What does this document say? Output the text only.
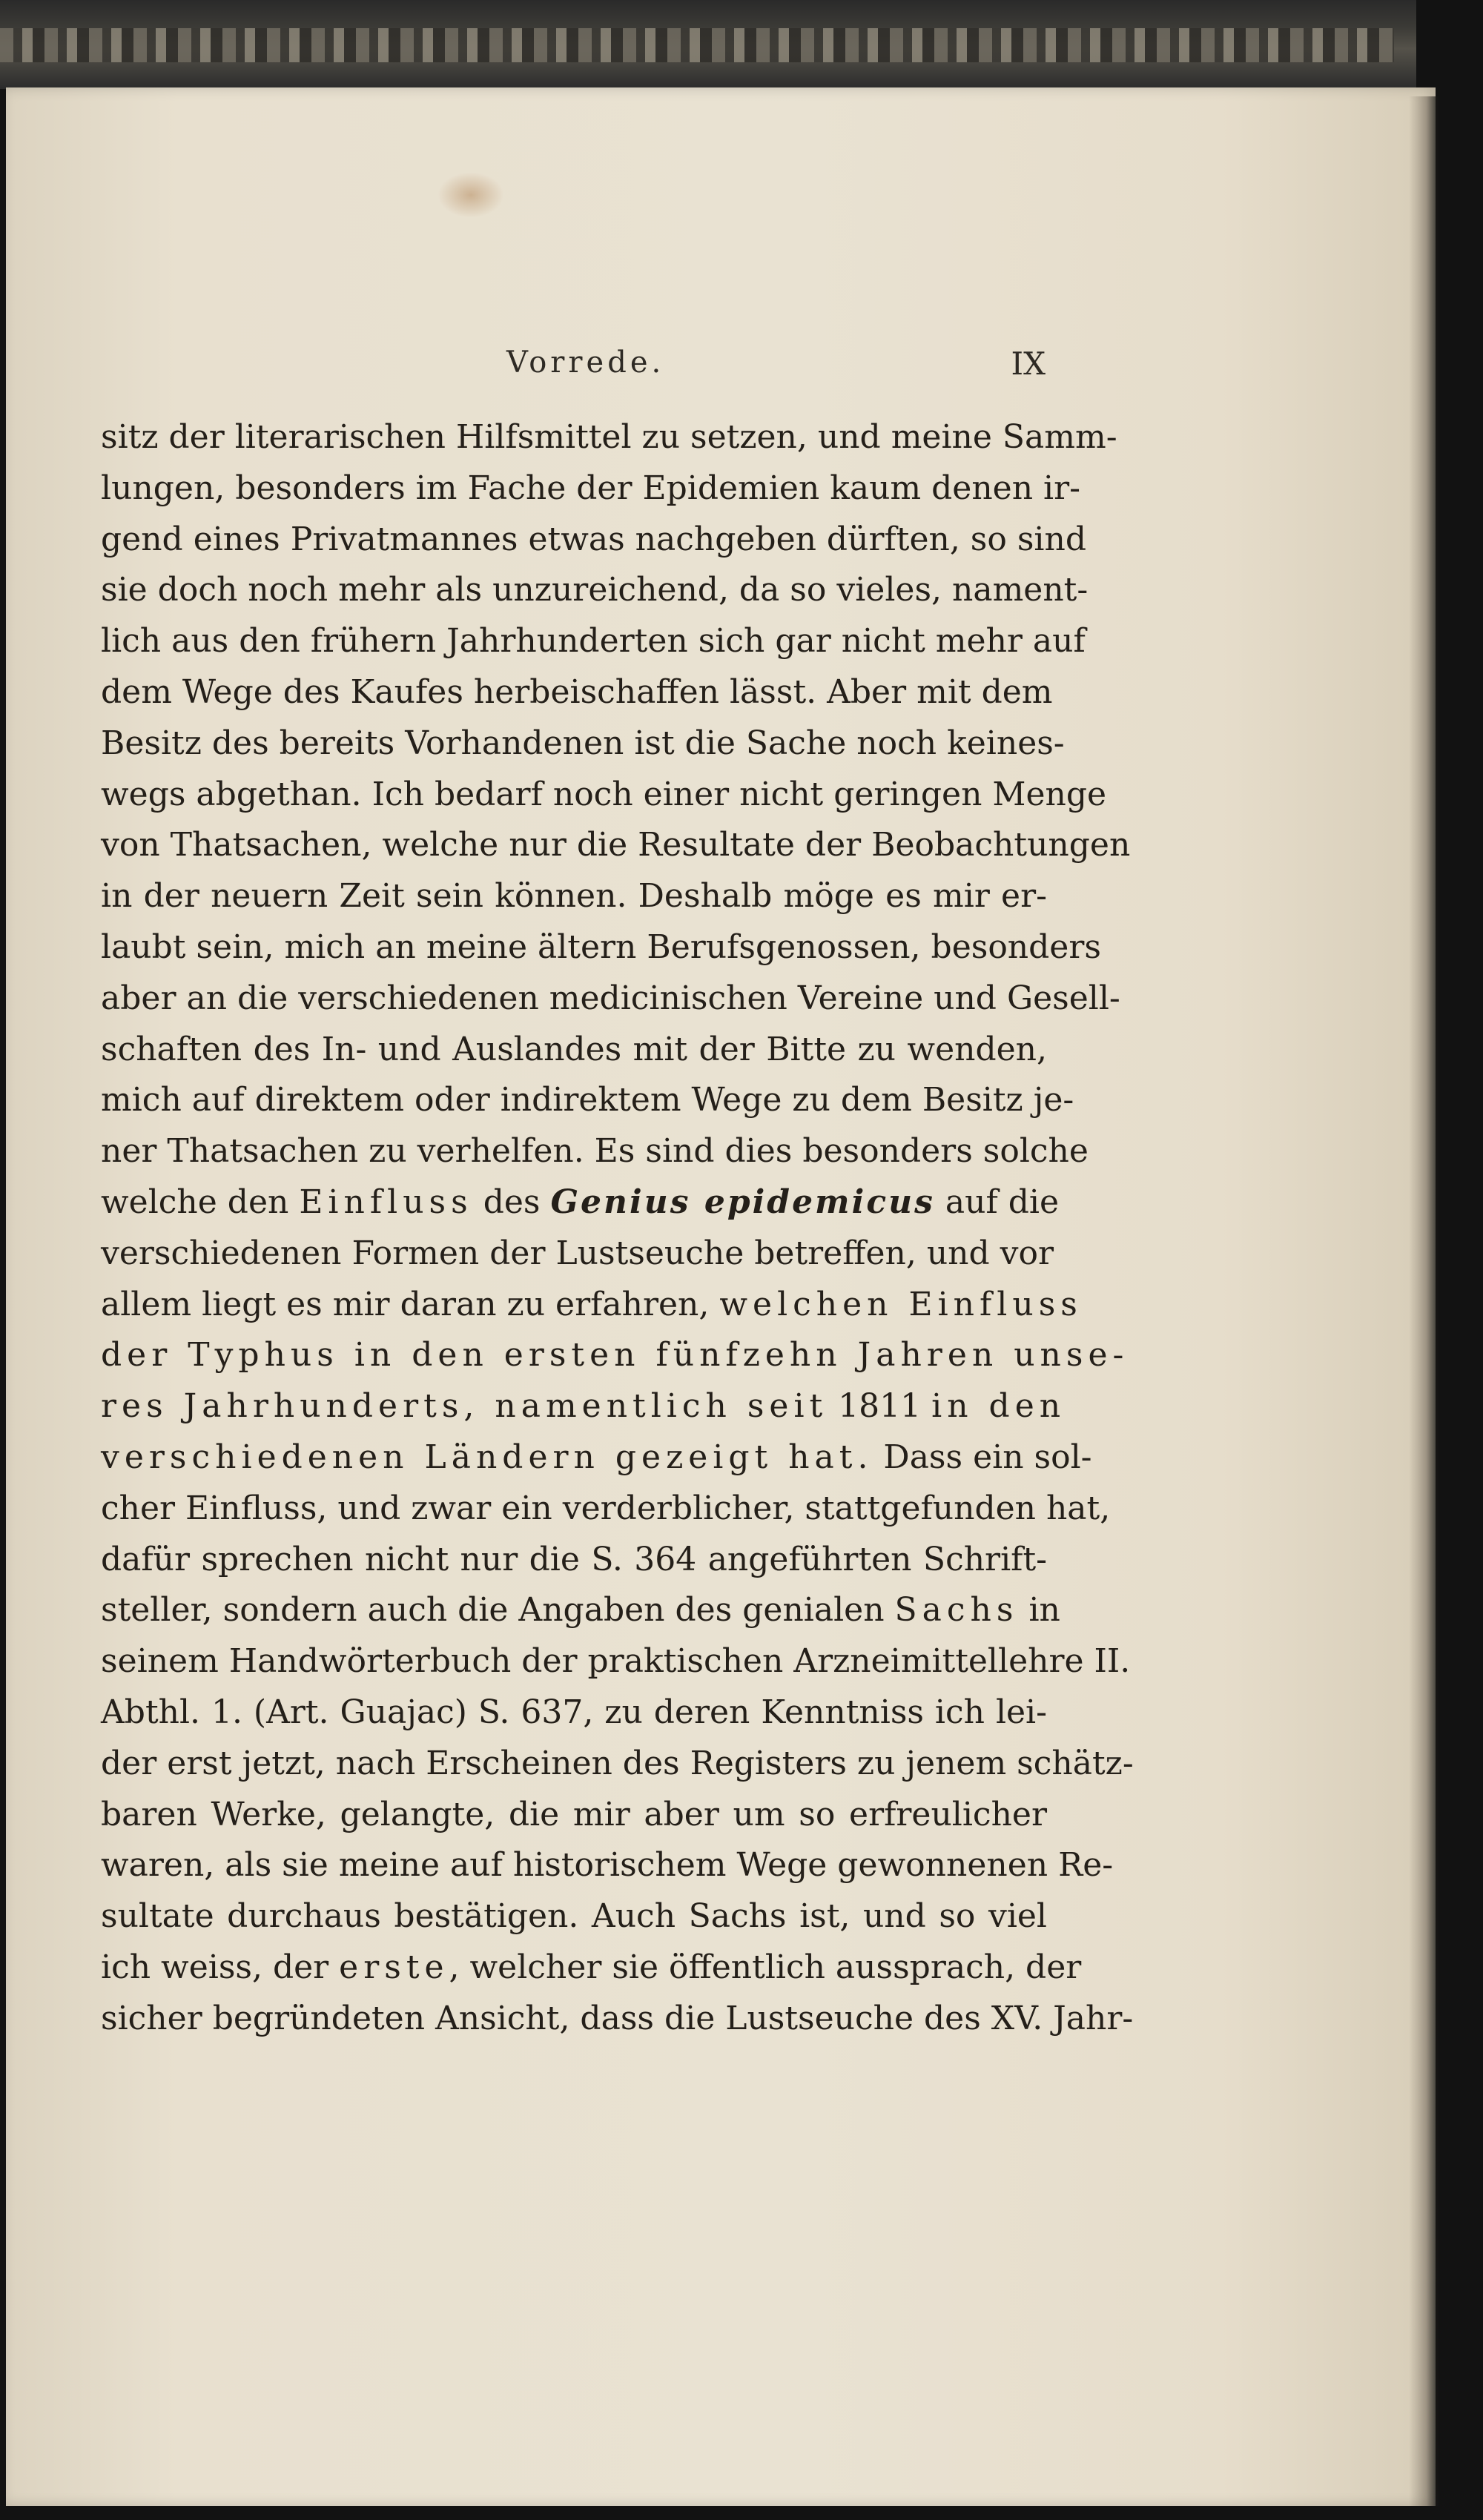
Vorrede.	IX
sitz der literarischen Hilfsmittel zu setzen, und meine Samm-
lungen, besonders im Fache der Epidemien kaum denen ir-
gend eines Privatmannes etwas nachgeben dürften, so sind
sie doch noch mehr als unzureichend, da so vieles, nament-
lich aus den frühern Jahrhunderten sich gar nicht mehr auf
dem Wege des Kaufes herbeischaffen lässt. Aber mit dem
Besitz des bereits Vorhandenen ist die Sache noch keines-
wegs abgethan. Ich bedarf noch einer nicht geringen Menge
von Thatsachen, welche nur die Resultate der Beobachtungen
in der neuern Zeit sein können. Deshalb möge es mir er-
laubt sein, mich an meine ältern Berufsgenossen, besonders
aber an die verschiedenen medicinischen Vereine und Gesell-
schaften des In- und Auslandes mit der Bitte zu wenden,
mich auf direktem oder indirektem Wege zu dem Besitz je-
ner Thatsachen zu verhelfen. Es sind dies besonders solche
welche den Einfluss des Genius epidemicus auf die
verschiedenen Formen der Lustseuche betreffen, und vor
allem liegt es mir daran zu erfahren, welchen Einfluss
der Typhus in den ersten fünfzehn Jahren unse-
res Jahrhunderts, namentlich seit 1811 in den
verschiedenen Ländern gezeigt hat. Dass ein sol-
cher Einfluss, und zwar ein verderblicher, stattgefunden hat,
dafür sprechen nicht nur die S. 364 angeführten Schrift-
steller, sondern auch die Angaben des genialen Sachs in
seinem Handwörterbuch der praktischen Arzneimittellehre II.
Abthl. 1. (Art. Guajac) S. 637, zu deren Kenntniss ich lei-
der erst jetzt, nach Erscheinen des Registers zu jenem schätz-
baren Werke, gelangte, die mir aber um so erfreulicher
waren, als sie meine auf historischem Wege gewonnenen Re-
sultate durchaus bestätigen. Auch Sachs ist, und so viel
ich weiss, der erste, welcher sie öffentlich aussprach, der
sicher begründeten Ansicht, dass die Lustseuche des XV. Jahr-
